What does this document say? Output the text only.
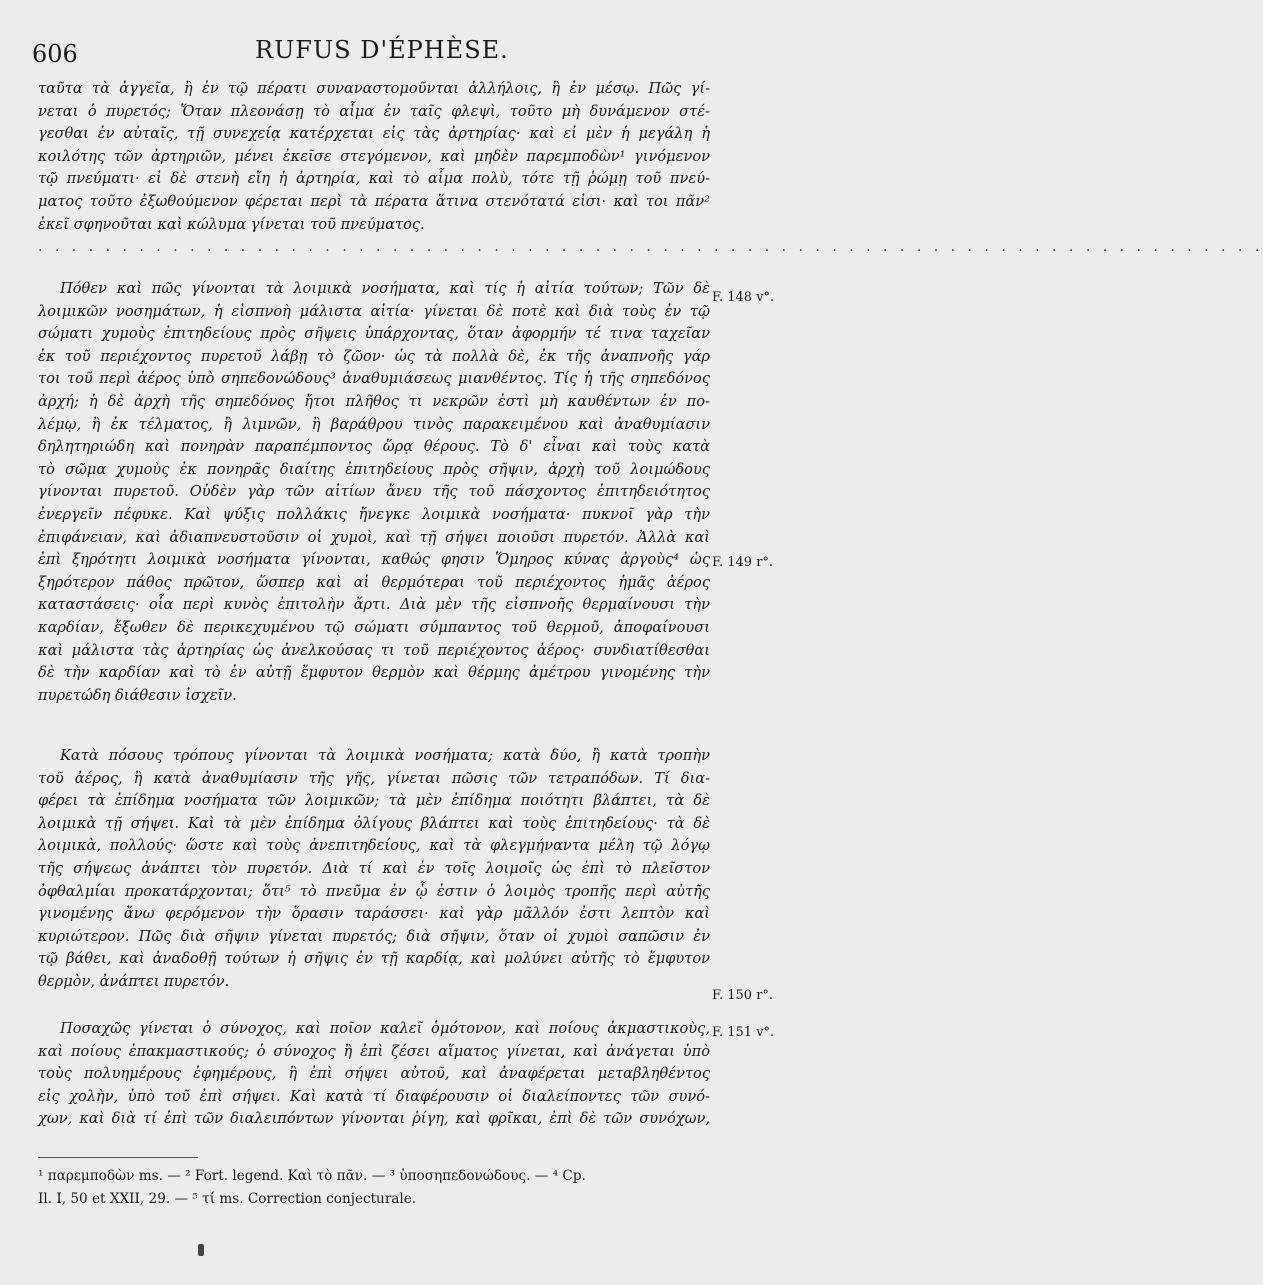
606	RUFUS D'ÉPHÈSE.
ταῦτα τὰ ἀγγεῖα, ἢ ἐν τῷ πέρατι συναναστομοῦνται ἀλλήλοις, ἢ ἐν μέσῳ. Πῶς γί-
νεται ὁ πυρετός; Ὅταν πλεονάσῃ τὸ αἷμα ἐν ταῖς φλεψὶ, τοῦτο μὴ δυνάμενον στέ-
γεσθαι ἐν αὐταῖς, τῇ συνεχείᾳ κατέρχεται εἰς τὰς ἀρτηρίας· καὶ εἰ μὲν ἡ μεγάλη ἡ
κοιλότης τῶν ἀρτηριῶν, μένει ἐκεῖσε στεγόμενον, καὶ μηδὲν παρεμποδὼν¹ γινόμενον
τῷ πνεύματι· εἰ δὲ στενὴ εἴη ἡ ἀρτηρία, καὶ τὸ αἷμα πολὺ, τότε τῇ ῥώμῃ τοῦ πνεύ-
ματος τοῦτο ἐξωθούμενον φέρεται περὶ τὰ πέρατα ἅτινα στενότατά εἰσι· καὶ τοι πᾶν²
ἐκεῖ σφηνοῦται καὶ κώλυμα γίνεται τοῦ πνεύματος.
. . . . . . . . . . . . . . . . . . . . . . . . . . . . . . . . . . . . . . . . . . . . . . . . . . . . . . . . . . . . . . . . . . . . . . . . .
Πόθεν καὶ πῶς γίνονται τὰ λοιμικὰ νοσήματα, καὶ τίς ἡ αἰτία τούτων; Τῶν δὲ
λοιμικῶν νοσημάτων, ἡ εἰσπνοὴ μάλιστα αἰτία· γίνεται δὲ ποτὲ καὶ διὰ τοὺς ἐν τῷ
σώματι χυμοὺς ἐπιτηδείους πρὸς σῆψεις ὑπάρχοντας, ὅταν ἀφορμήν τέ τινα ταχεῖαν
ἐκ τοῦ περιέχοντος πυρετοῦ λάβῃ τὸ ζῶον· ὡς τὰ πολλὰ δὲ, ἐκ τῆς ἀναπνοῆς γάρ
τοι τοῦ περὶ ἀέρος ὑπὸ σηπεδονώδους³ ἀναθυμιάσεως μιανθέντος. Τίς ἡ τῆς σηπεδόνος
ἀρχή; ἡ δὲ ἀρχὴ τῆς σηπεδόνος ἤτοι πλῆθος τι νεκρῶν ἐστὶ μὴ καυθέντων ἐν πο-
λέμῳ, ἢ ἐκ τέλματος, ἢ λιμνῶν, ἢ βαράθρου τινὸς παρακειμένου καὶ ἀναθυμίασιν
δηλητηριώδη καὶ πονηρὰν παραπέμποντος ὥρᾳ θέρους. Τὸ δ' εἶναι καὶ τοὺς κατὰ
τὸ σῶμα χυμοὺς ἐκ πονηρᾶς διαίτης ἐπιτηδείους πρὸς σῆψιν, ἀρχὴ τοῦ λοιμώδους
γίνονται πυρετοῦ. Οὐδὲν γὰρ τῶν αἰτίων ἄνευ τῆς τοῦ πάσχοντος ἐπιτηδειότητος
ἐνεργεῖν πέφυκε. Καὶ ψύξις πολλάκις ἤνεγκε λοιμικὰ νοσήματα· πυκνοῖ γὰρ τὴν
ἐπιφάνειαν, καὶ ἀδιαπνευστοῦσιν οἱ χυμοὶ, καὶ τῇ σήψει ποιοῦσι πυρετόν. Ἀλλὰ καὶ
ἐπὶ ξηρότητι λοιμικὰ νοσήματα γίνονται, καθώς φησιν Ὅμηρος κύνας ἀργοὺς⁴ ὡς
ξηρότερον πάθος πρῶτον, ὥσπερ καὶ αἱ θερμότεραι τοῦ περιέχοντος ἡμᾶς ἀέρος
καταστάσεις· οἷα περὶ κυνὸς ἐπιτολὴν ἄρτι. Διὰ μὲν τῆς εἰσπνοῆς θερμαίνουσι τὴν
καρδίαν, ἔξωθεν δὲ περικεχυμένου τῷ σώματι σύμπαντος τοῦ θερμοῦ, ἀποφαίνουσι
καὶ μάλιστα τὰς ἀρτηρίας ὡς ἀνελκούσας τι τοῦ περιέχοντος ἀέρος· συνδιατίθεσθαι
δὲ τὴν καρδίαν καὶ τὸ ἐν αὐτῇ ἔμφυτον θερμὸν καὶ θέρμης ἀμέτρου γινομένης τὴν
πυρετώδη διάθεσιν ἰσχεῖν.
Κατὰ πόσους τρόπους γίνονται τὰ λοιμικὰ νοσήματα; κατὰ δύο, ἢ κατὰ τροπὴν
τοῦ ἀέρος, ἢ κατὰ ἀναθυμίασιν τῆς γῆς, γίνεται πῶσις τῶν τετραπόδων. Τί δια-
φέρει τὰ ἐπίδημα νοσήματα τῶν λοιμικῶν; τὰ μὲν ἐπίδημα ποιότητι βλάπτει, τὰ δὲ
λοιμικὰ τῇ σήψει. Καὶ τὰ μὲν ἐπίδημα ὀλίγους βλάπτει καὶ τοὺς ἐπιτηδείους· τὰ δὲ
λοιμικὰ, πολλούς· ὥστε καὶ τοὺς ἀνεπιτηδείους, καὶ τὰ φλεγμήναντα μέλη τῷ λόγῳ
τῆς σήψεως ἀνάπτει τὸν πυρετόν. Διὰ τί καὶ ἐν τοῖς λοιμοῖς ὡς ἐπὶ τὸ πλεῖστον
ὀφθαλμίαι προκατάρχονται; ὅτι⁵ τὸ πνεῦμα ἐν ᾧ ἐστιν ὁ λοιμὸς τροπῆς περὶ αὐτῆς
γινομένης ἄνω φερόμενον τὴν ὅρασιν ταράσσει· καὶ γὰρ μᾶλλόν ἐστι λεπτὸν καὶ
κυριώτερον. Πῶς διὰ σῆψιν γίνεται πυρετός; διὰ σῆψιν, ὅταν οἱ χυμοὶ σαπῶσιν ἐν
τῷ βάθει, καὶ ἀναδοθῇ τούτων ἡ σῆψις ἐν τῇ καρδίᾳ, καὶ μολύνει αὐτῆς τὸ ἔμφυτον
θερμὸν, ἀνάπτει πυρετόν.
Ποσαχῶς γίνεται ὁ σύνοχος, καὶ ποῖον καλεῖ ὁμότονον, καὶ ποίους ἀκμαστικοὺς,
καὶ ποίους ἐπακμαστικούς; ὁ σύνοχος ἢ ἐπὶ ζέσει αἵματος γίνεται, καὶ ἀνάγεται ὑπὸ
τοὺς πολυημέρους ἐφημέρους, ἢ ἐπὶ σήψει αὐτοῦ, καὶ ἀναφέρεται μεταβληθέντος
εἰς χολὴν, ὑπὸ τοῦ ἐπὶ σήψει. Καὶ κατὰ τί διαφέρουσιν οἱ διαλείποντες τῶν συνό-
χων, καὶ διὰ τί ἐπὶ τῶν διαλειπόντων γίνονται ῥίγη, καὶ φρῖκαι, ἐπὶ δὲ τῶν συνόχων,
F. 148 v°.
F. 149 r°.
F. 150 r°.
F. 151 v°.
¹ παρεμποδὼν ms. — ² Fort. legend. Καὶ τὸ πᾶν. — ³ ὑποσηπεδονώδους. — ⁴ Cp.
Il. I, 50 et XXII, 29. — ⁵ τί ms. Correction conjecturale.
